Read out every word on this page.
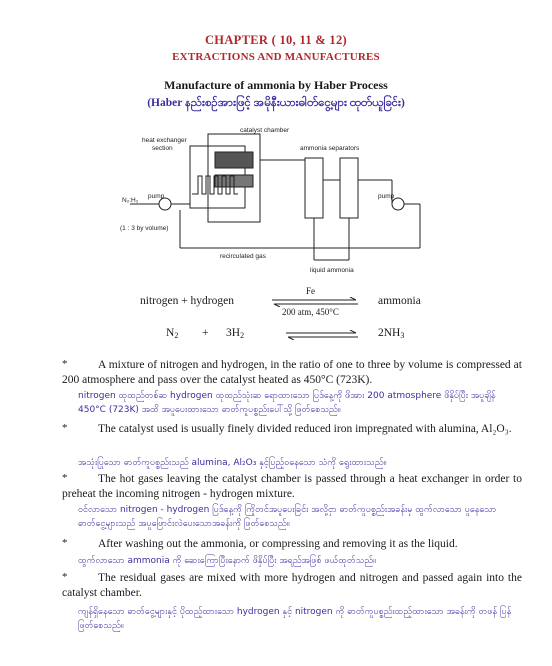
CHAPTER ( 10, 11 & 12)
EXTRACTIONS AND MANUFACTURES
Manufacture of ammonia by Haber Process
(Haber နည်းစဉ်အားဖြင့် အမိုနီးယားဓါတ်ငွေ့များ ထုတ်ယူခြင်း)
catalyst chamber
heat exchanger
section	ammonia separators
pump	pump
N₂:H₂
(1 : 3 by volume)
recirculated gas
liquid ammonia
nitrogen + hydrogen
Fe
200 atm, 450°C
ammonia
$N_2 + 3H_2$	$2NH_3$
*	A mixture of nitrogen and hydrogen, in the ratio of one to three by volume is compressed at 200 atmosphere and pass over the catalyst heated as 450°C (723K).
nitrogen ထုထည်တစ်ဆ hydrogen ထုထည်သုံးဆ ရောထားသော ပြဒ်နေ့ကို ဖိအား 200 atmosphere ဖိနှိပ်ပြီး အပူချိန် 450°C (723K) အထိ အပူပေးထားသော ဓာတ်ကူပစ္စည်းပေါ်သို့ ဖြတ်စေသည်။
*	The catalyst used is usually finely divided reduced iron impregnated with alumina, Al₂O₃.
အသုံးပြုသော ဓာတ်ကူပစ္စည်းသည် alumina, Al₂O₃ နှင့်ပြည့်ဝနေသော သံကို ရွေးထားသည်။
*	The hot gases leaving the catalyst chamber is passed through a heat exchanger in order to preheat the incoming nitrogen - hydrogen mixture.
ဝင်လာသော nitrogen - hydrogen ပြဒ်နေ့ကို ကြိုတင်အပူပေးခြင်း အလို့ငှာ ဓာတ်ကူပစ္စည်းအခန်းမှ ထွက်လာသော ပူနေသောဓာတ်ငွေ့များသည် အပူဖြောင်းလဲပေးသောအခန်းကို ဖြတ်စေသည်။
*	After washing out the ammonia, or compressing and removing it as the liquid.
ထွက်လာသော ammonia ကို ဆေးကြောပြီးနောက် ဖိနှိပ်ပြီး အရည်အဖြစ် ဖယ်ထုတ်သည်။
*	The residual gases are mixed with more hydrogen and nitrogen and passed again into the catalyst chamber.
ကျန်ရှိနေသော ဓာတ်ငွေ့များနှင့် ပိုထည့်ထားသော hydrogen နှင့် nitrogen ကို ဓာတ်ကူပစ္စည်းထည့်ထားသော အခန်းကို တဖန် ပြန်ဖြတ်စေသည်။
